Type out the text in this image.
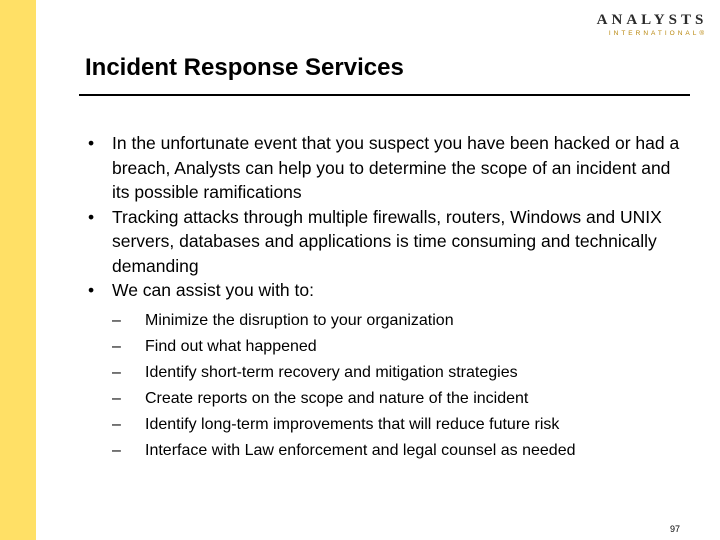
ANALYSTS
INTERNATIONAL®
Incident Response Services
• In the unfortunate event that you suspect you have been hacked or had a breach, Analysts can help you to determine the scope of an incident and its possible ramifications
• Tracking attacks through multiple firewalls, routers, Windows and UNIX servers, databases and applications is time consuming and technically demanding
• We can assist you with to:
– Minimize the disruption to your organization
– Find out what happened
– Identify short-term recovery and mitigation strategies
– Create reports on the scope and nature of the incident
– Identify long-term improvements that will reduce future risk
– Interface with Law enforcement and legal counsel as needed
97
